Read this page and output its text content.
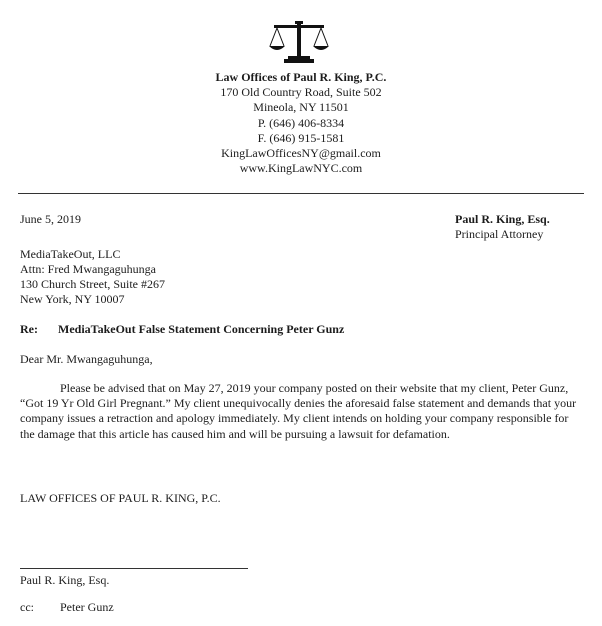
Law Offices of Paul R. King, P.C.
170 Old Country Road, Suite 502
Mineola, NY 11501
P. (646) 406-8334
F. (646) 915-1581
KingLawOfficesNY@gmail.com
www.KingLawNYC.com
June 5, 2019	Paul R. King, Esq.
Principal Attorney
MediaTakeOut, LLC
Attn: Fred Mwangaguhunga
130 Church Street, Suite #267
New York, NY 10007
Re: MediaTakeOut False Statement Concerning Peter Gunz
Dear Mr. Mwangaguhunga,

Please be advised that on May 27, 2019 your company posted on their website that my client, Peter Gunz, “Got 19 Yr Old Girl Pregnant.” My client unequivocally denies the aforesaid false statement and demands that your company issues a retraction and apology immediately. My client intends on holding your company responsible for the damage that this article has caused him and will be pursuing a lawsuit for defamation.

LAW OFFICES OF PAUL R. KING, P.C.
Paul R. King, Esq.
cc: Peter Gunz
